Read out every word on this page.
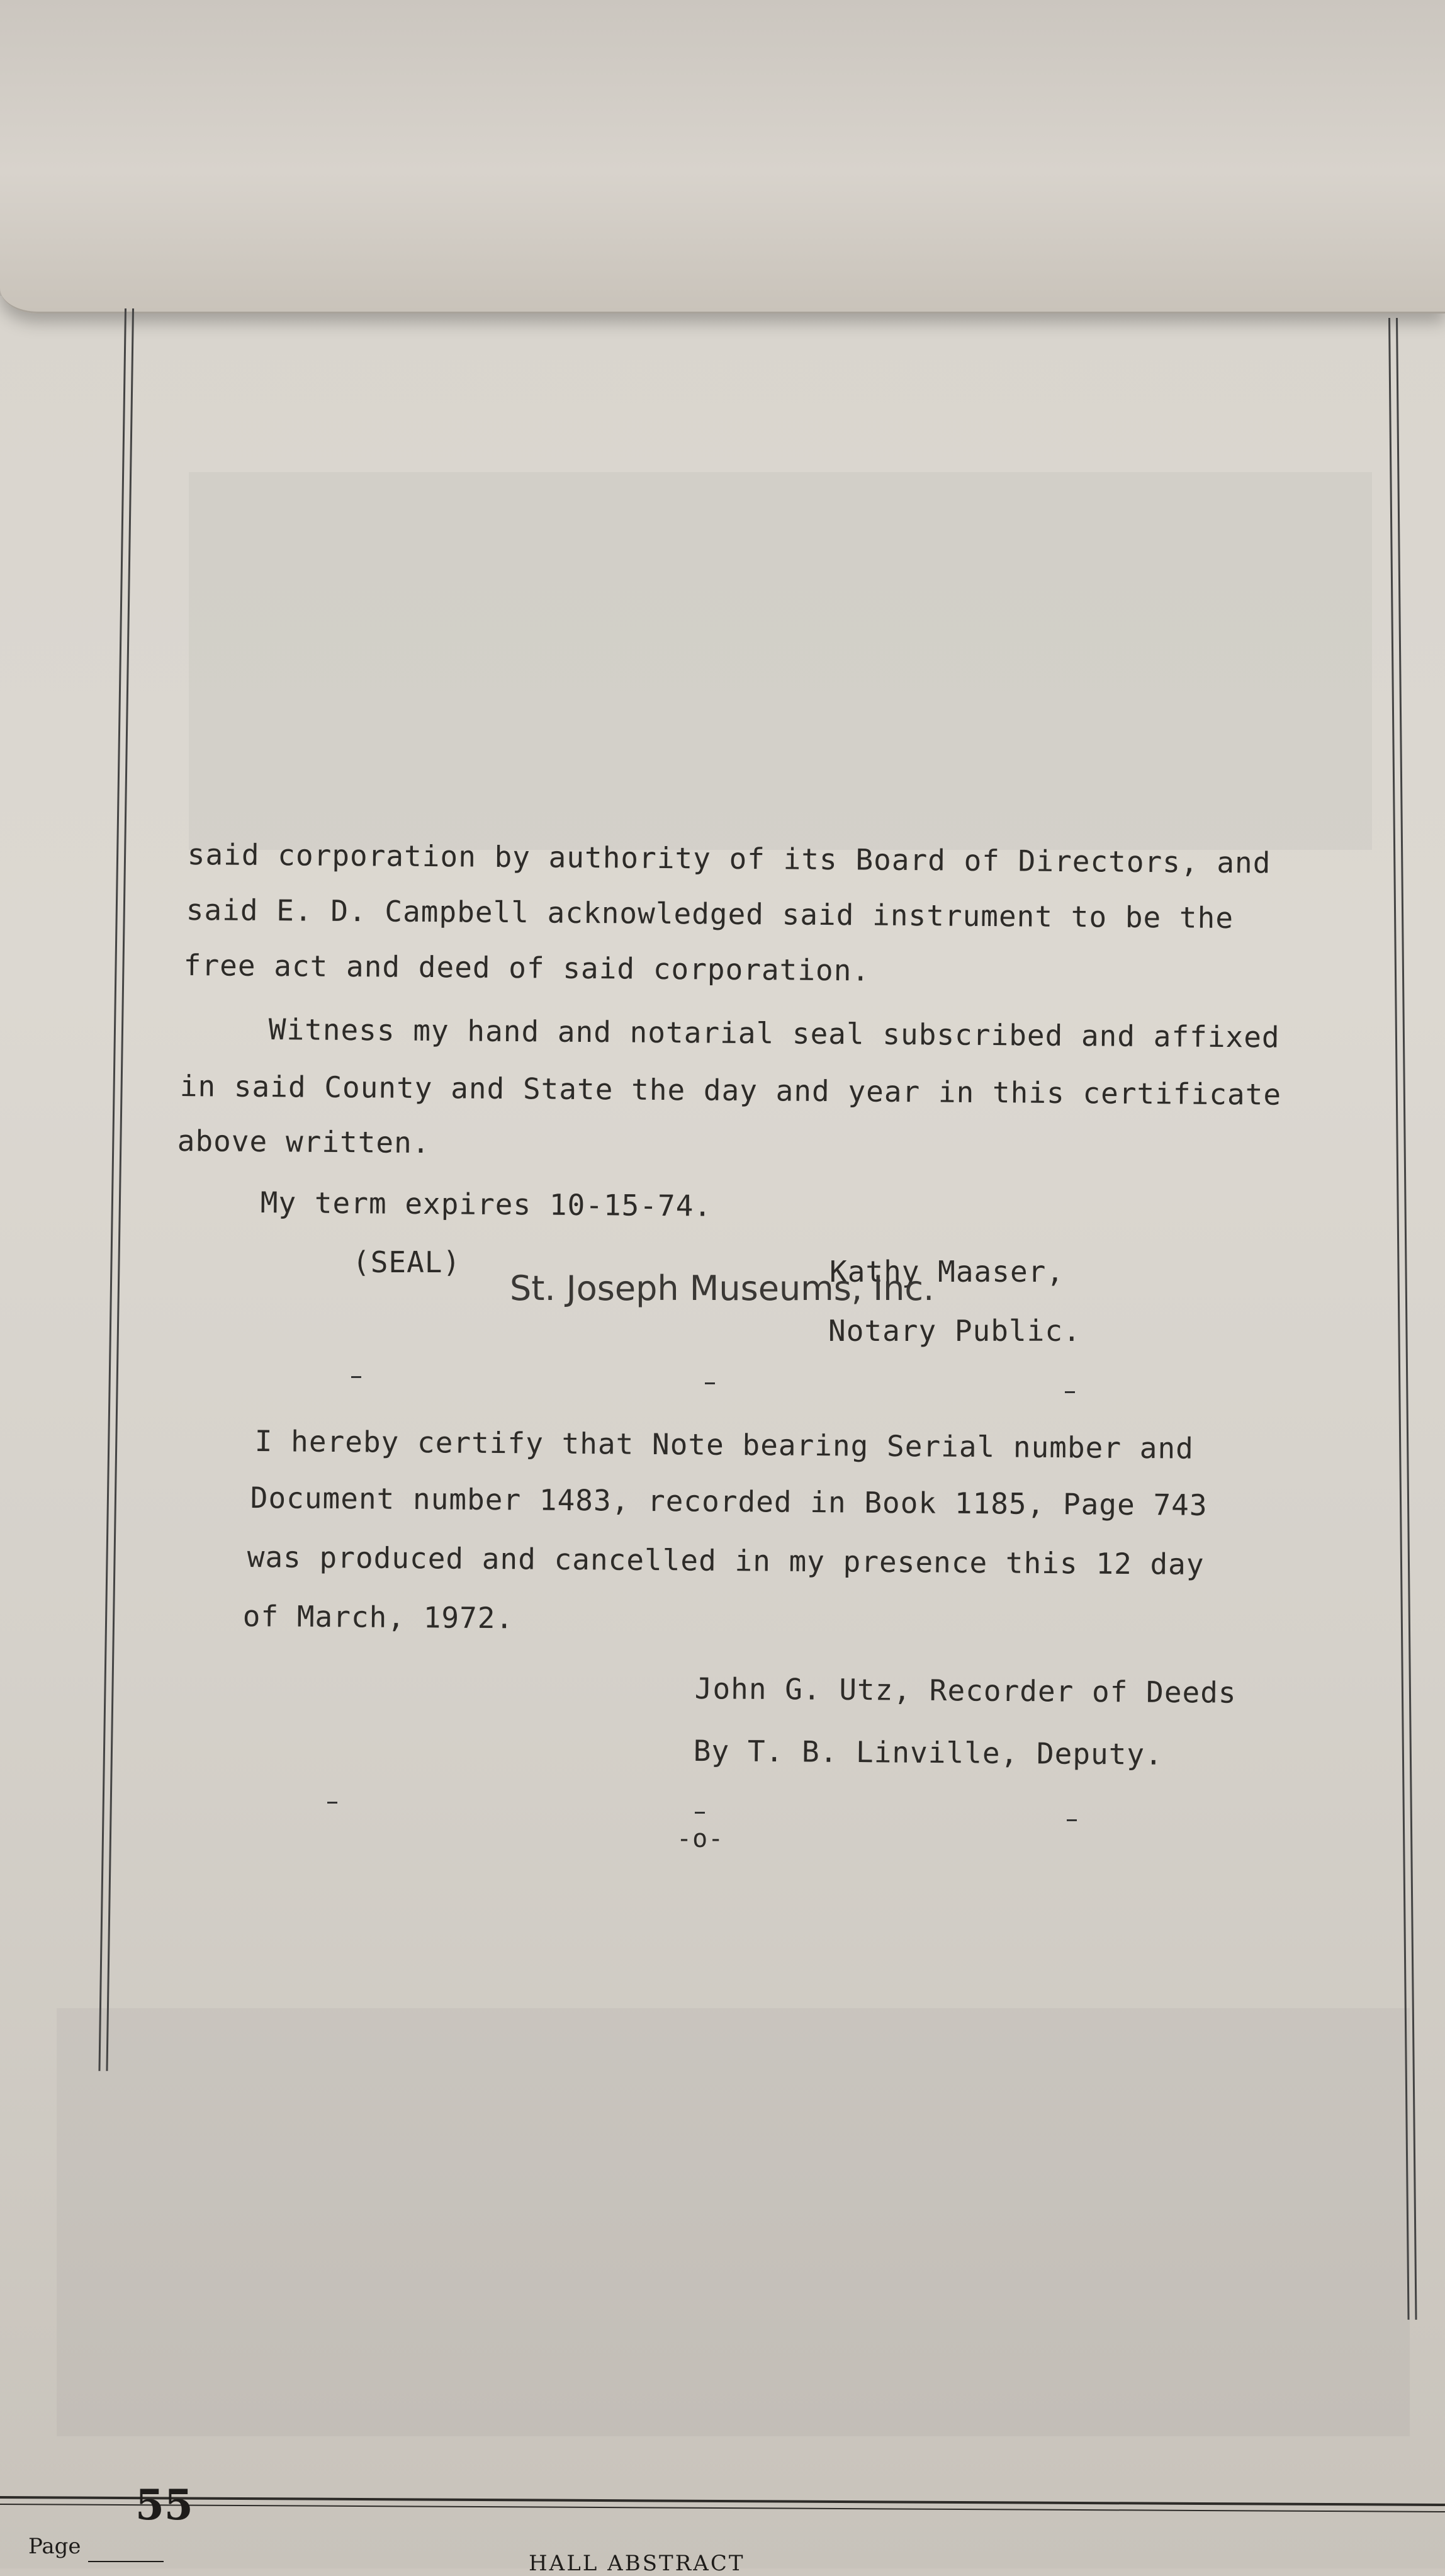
said corporation by authority of its Board of Directors, and
said E. D. Campbell acknowledged said instrument to be the
free act and deed of said corporation.
Witness my hand and notarial seal subscribed and affixed
in said County and State the day and year in this certificate
above written.
My term expires 10-15-74.
(SEAL)	Kathy Maaser,
Notary Public.
St. Joseph Museums, Inc.
I hereby certify that Note bearing Serial number and
Document number 1483, recorded in Book 1185, Page 743
was produced and cancelled in my presence this 12 day
of March, 1972.
John G. Utz, Recorder of Deeds
By T. B. Linville, Deputy.
-o-
55
Page
HALL ABSTRACT
